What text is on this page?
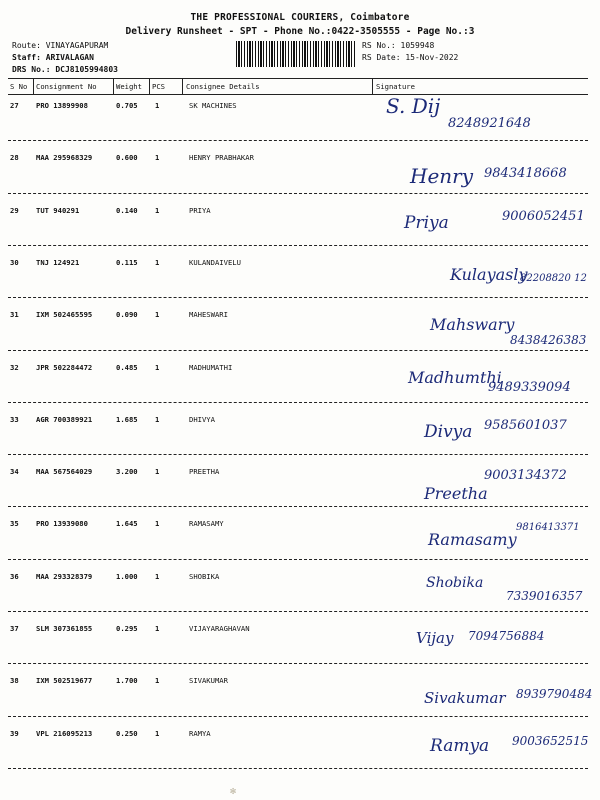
THE PROFESSIONAL COURIERS, Coimbatore
Delivery Runsheet - SPT - Phone No.:0422-3505555 - Page No.:3
Route: VINAYAGAPURAM
Staff: ARIVALAGAN
DRS No.: DCJ8105994803
RS No.: 1059948
RS Date: 15-Nov-2022
S No Consignment No	Weight PCS	Consignee Details	Signature
27 PRO 13899908	0.705 1	SK MACHINES	S. Dij
8248921648
28 MAA 295968329	0.600 1	HENRY PRABHAKAR
Henry 9843418668
29 TUT 940291	0.140 1	PRIYA
Priya	9006052451
30 TNJ 124921	0.115 1	KULANDAIVELU
Kulayasly
82208820 12
31 IXM 502465595	0.090 1	MAHESWARI
Mahswary
8438426383
32 JPR 502284472	0.485 1	MADHUMATHI
Madhumthi
9489339094
33 AGR 700389921	1.685 1	DHIVYA
Divya 9585601037
34 MAA 567564029	3.200 1	PREETHA
Preetha
9003134372
35 PRO 13939080	1.645 1	RAMASAMY
Ramasamy
9816413371
36 MAA 293328379	1.000 1	SHOBIKA	Shobika
7339016357
37 SLM 307361855	0.295 1	VIJAYARAGHAVAN
Vijay 7094756884
38 IXM 502519677	1.700 1	SIVAKUMAR
Sivakumar 8939790484
39 VPL 216095213	0.250 1	RAMYA
Ramya 9003652515
✻
